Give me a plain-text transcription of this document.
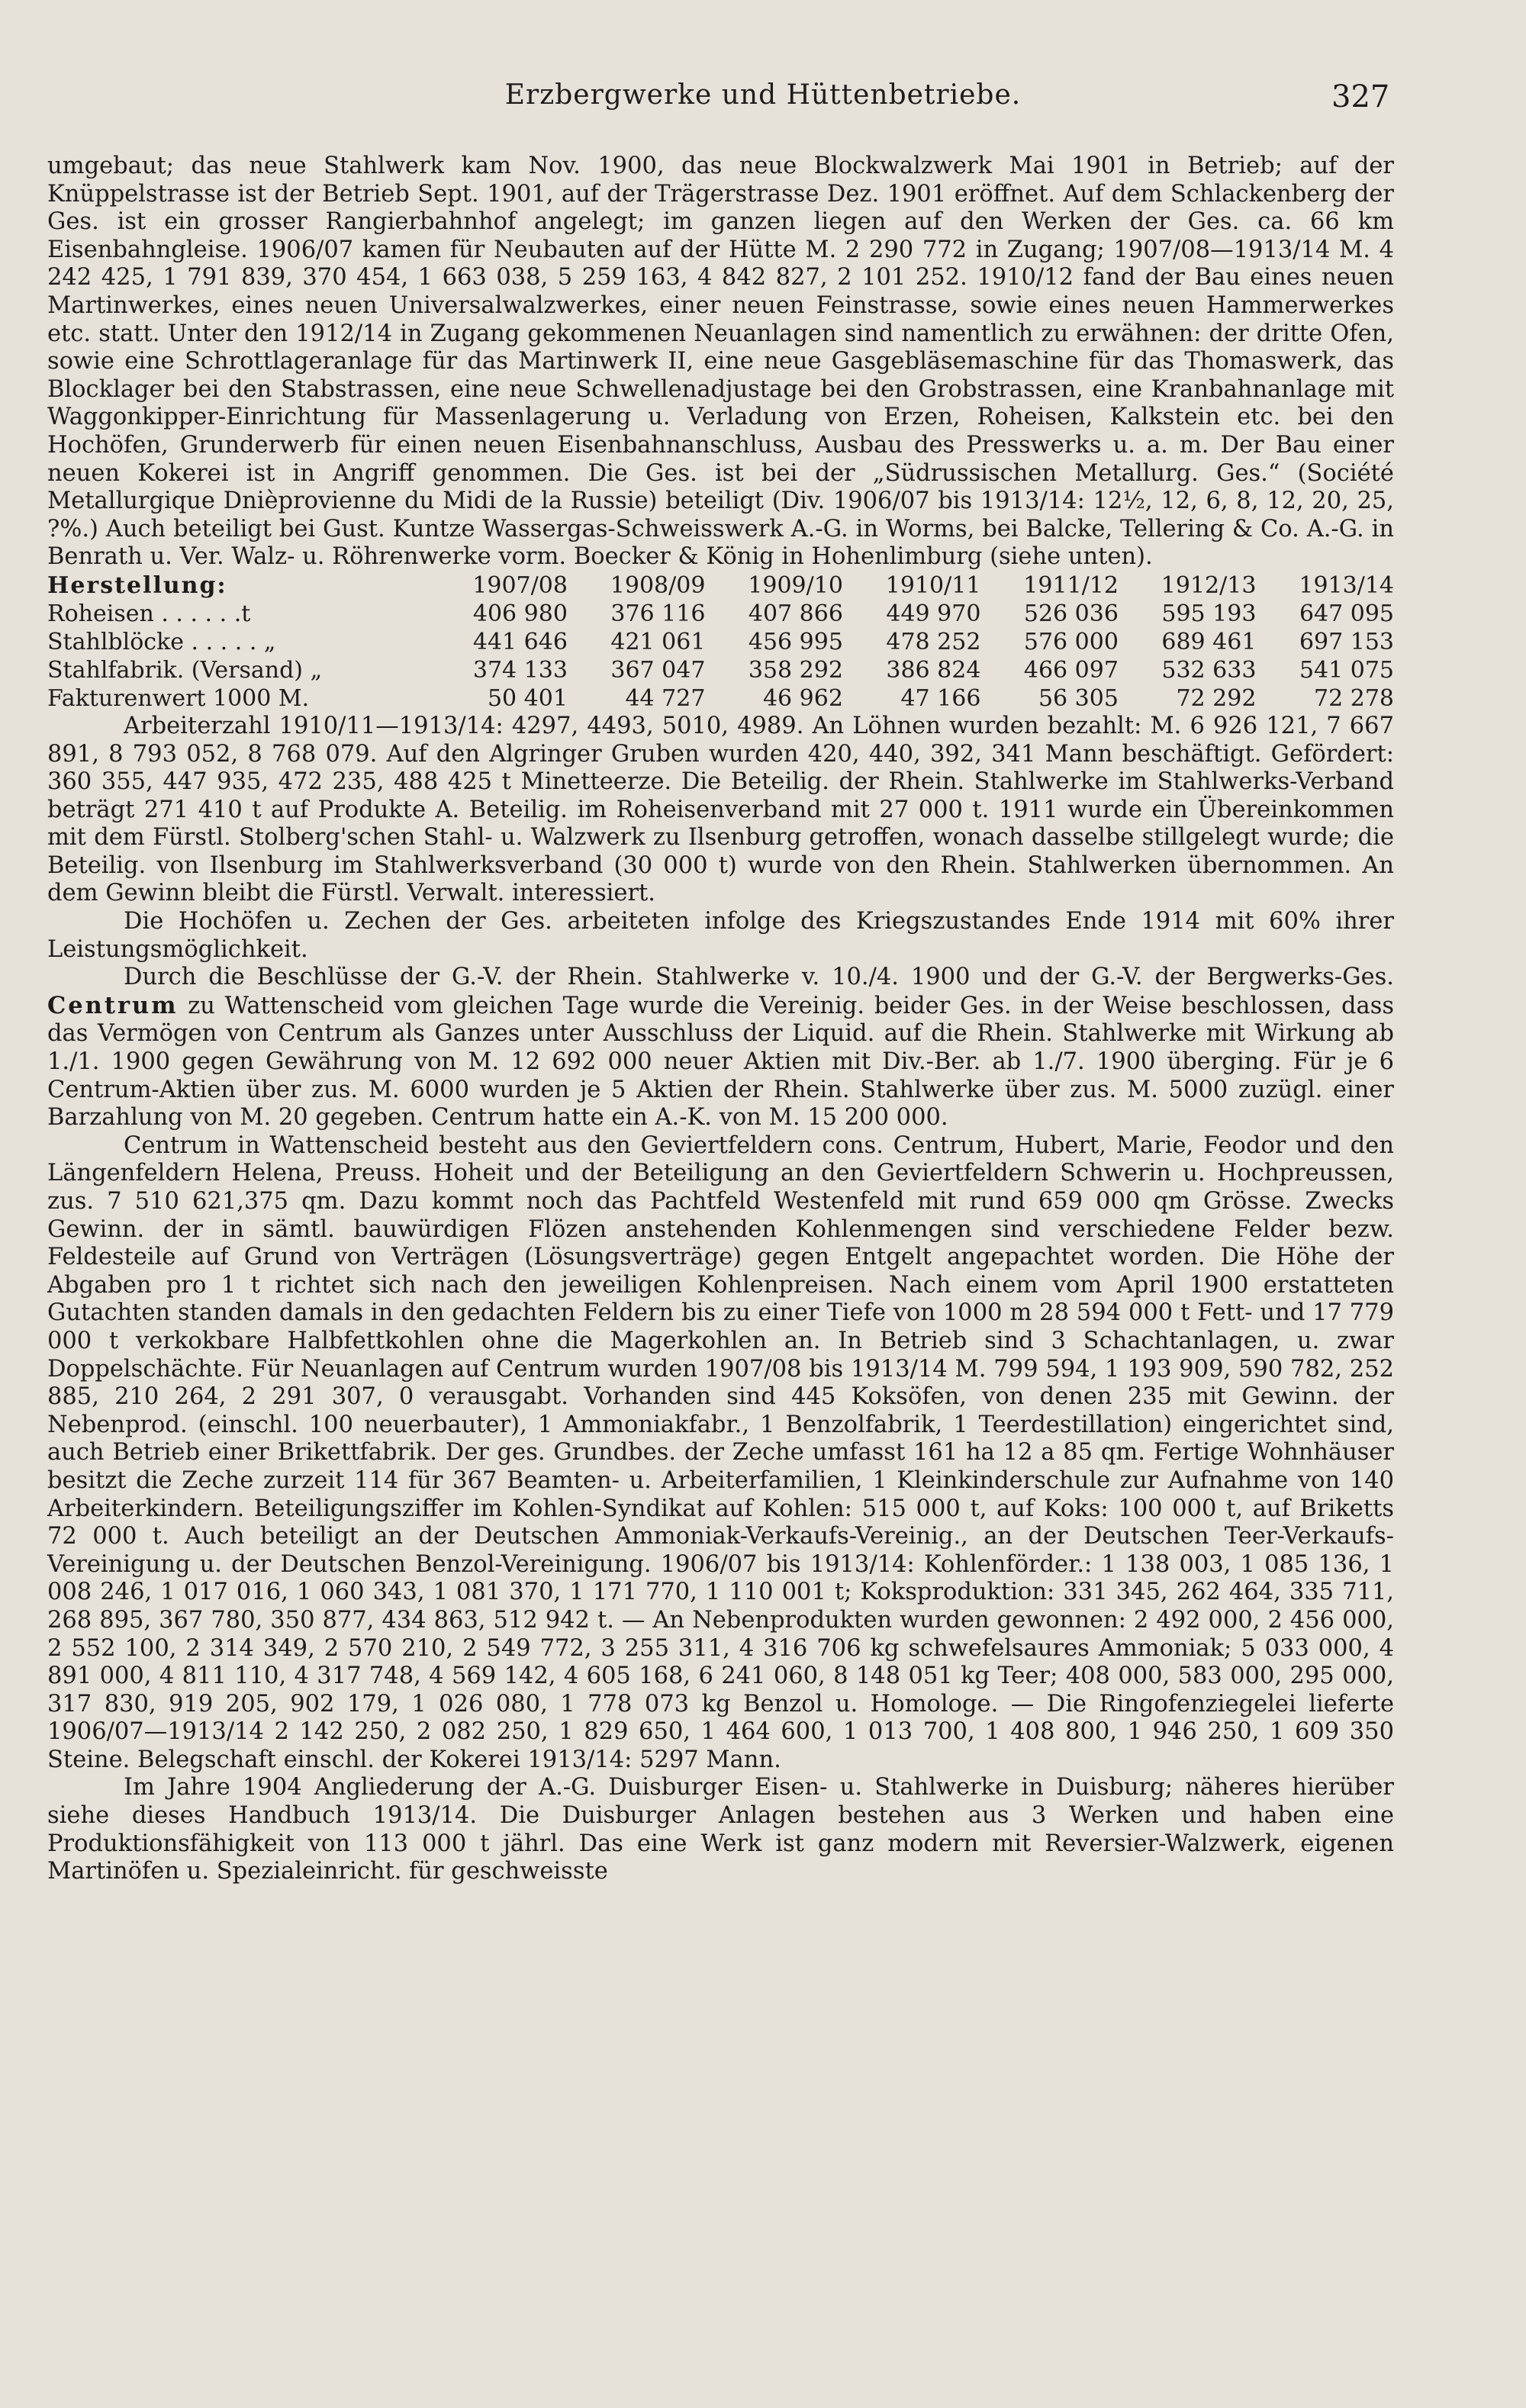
Erzbergwerke und Hüttenbetriebe.	327

umgebaut; das neue Stahlwerk kam Nov. 1900, das neue Blockwalzwerk Mai 1901 in Betrieb; auf der Knüppelstrasse ist der Betrieb Sept. 1901, auf der Trägerstrasse Dez. 1901 eröffnet. Auf dem Schlackenberg der Ges. ist ein grosser Rangierbahnhof angelegt; im ganzen liegen auf den Werken der Ges. ca. 66 km Eisenbahngleise. 1906/07 kamen für Neubauten auf der Hütte M. 2 290 772 in Zugang; 1907/08—1913/14 M. 4 242 425, 1 791 839, 370 454, 1 663 038, 5 259 163, 4 842 827, 2 101 252. 1910/12 fand der Bau eines neuen Martinwerkes, eines neuen Universalwalzwerkes, einer neuen Feinstrasse, sowie eines neuen Hammerwerkes etc. statt. Unter den 1912/14 in Zugang gekommenen Neuanlagen sind namentlich zu erwähnen: der dritte Ofen, sowie eine Schrottlageranlage für das Martinwerk II, eine neue Gasgebläsemaschine für das Thomaswerk, das Blocklager bei den Stabstrassen, eine neue Schwellenadjustage bei den Grobstrassen, eine Kranbahnanlage mit Waggonkipper-Einrichtung für Massenlagerung u. Verladung von Erzen, Roheisen, Kalkstein etc. bei den Hochöfen, Grunderwerb für einen neuen Eisenbahnanschluss, Ausbau des Presswerks u. a. m. Der Bau einer neuen Kokerei ist in Angriff genommen. Die Ges. ist bei der „Südrussischen Metallurg. Ges.“ (Société Metallurgique Dnièprovienne du Midi de la Russie) beteiligt (Div. 1906/07 bis 1913/14: 12½, 12, 6, 8, 12, 20, 25, ?%.) Auch beteiligt bei Gust. Kuntze Wassergas-Schweisswerk A.-G. in Worms, bei Balcke, Tellering & Co. A.-G. in Benrath u. Ver. Walz- u. Röhrenwerke vorm. Boecker & König in Hohenlimburg (siehe unten).

Herstellung:	1907/08	1908/09	1909/10	1910/11	1911/12	1912/13	1913/14
Roheisen . . . . . .t	406 980	376 116	407 866	449 970	526 036	595 193	647 095
Stahlblöcke . . . . . „	441 646	421 061	456 995	478 252	576 000	689 461	697 153
Stahlfabrik. (Versand) „	374 133	367 047	358 292	386 824	466 097	532 633	541 075
Fakturenwert 1000 M.	50 401	44 727	46 962	47 166	56 305	72 292	72 278

Arbeiterzahl 1910/11—1913/14: 4297, 4493, 5010, 4989. An Löhnen wurden bezahlt: M. 6 926 121, 7 667 891, 8 793 052, 8 768 079. Auf den Algringer Gruben wurden 420, 440, 392, 341 Mann beschäftigt. Gefördert: 360 355, 447 935, 472 235, 488 425 t Minetteerze. Die Beteilig. der Rhein. Stahlwerke im Stahlwerks-Verband beträgt 271 410 t auf Produkte A. Beteilig. im Roheisenverband mit 27 000 t. 1911 wurde ein Übereinkommen mit dem Fürstl. Stolberg'schen Stahl- u. Walzwerk zu Ilsenburg getroffen, wonach dasselbe stillgelegt wurde; die Beteilig. von Ilsenburg im Stahlwerksverband (30 000 t) wurde von den Rhein. Stahlwerken übernommen. An dem Gewinn bleibt die Fürstl. Verwalt. interessiert.

Die Hochöfen u. Zechen der Ges. arbeiteten infolge des Kriegszustandes Ende 1914 mit 60% ihrer Leistungsmöglichkeit.

Durch die Beschlüsse der G.-V. der Rhein. Stahlwerke v. 10./4. 1900 und der G.-V. der Bergwerks-Ges. Centrum zu Wattenscheid vom gleichen Tage wurde die Vereinig. beider Ges. in der Weise beschlossen, dass das Vermögen von Centrum als Ganzes unter Ausschluss der Liquid. auf die Rhein. Stahlwerke mit Wirkung ab 1./1. 1900 gegen Gewährung von M. 12 692 000 neuer Aktien mit Div.-Ber. ab 1./7. 1900 überging. Für je 6 Centrum-Aktien über zus. M. 6000 wurden je 5 Aktien der Rhein. Stahlwerke über zus. M. 5000 zuzügl. einer Barzahlung von M. 20 gegeben. Centrum hatte ein A.-K. von M. 15 200 000.

Centrum in Wattenscheid besteht aus den Geviertfeldern cons. Centrum, Hubert, Marie, Feodor und den Längenfeldern Helena, Preuss. Hoheit und der Beteiligung an den Geviertfeldern Schwerin u. Hochpreussen, zus. 7 510 621,375 qm. Dazu kommt noch das Pachtfeld Westenfeld mit rund 659 000 qm Grösse. Zwecks Gewinn. der in sämtl. bauwürdigen Flözen anstehenden Kohlenmengen sind verschiedene Felder bezw. Feldesteile auf Grund von Verträgen (Lösungsverträge) gegen Entgelt angepachtet worden. Die Höhe der Abgaben pro 1 t richtet sich nach den jeweiligen Kohlenpreisen. Nach einem vom April 1900 erstatteten Gutachten standen damals in den gedachten Feldern bis zu einer Tiefe von 1000 m 28 594 000 t Fett- und 17 779 000 t verkokbare Halbfettkohlen ohne die Magerkohlen an. In Betrieb sind 3 Schachtanlagen, u. zwar Doppelschächte. Für Neuanlagen auf Centrum wurden 1907/08 bis 1913/14 M. 799 594, 1 193 909, 590 782, 252 885, 210 264, 2 291 307, 0 verausgabt. Vorhanden sind 445 Koksöfen, von denen 235 mit Gewinn. der Nebenprod. (einschl. 100 neuerbauter), 1 Ammoniakfabr., 1 Benzolfabrik, 1 Teerdestillation) eingerichtet sind, auch Betrieb einer Brikettfabrik. Der ges. Grundbes. der Zeche umfasst 161 ha 12 a 85 qm. Fertige Wohnhäuser besitzt die Zeche zurzeit 114 für 367 Beamten- u. Arbeiterfamilien, 1 Kleinkinderschule zur Aufnahme von 140 Arbeiterkindern. Beteiligungsziffer im Kohlen-Syndikat auf Kohlen: 515 000 t, auf Koks: 100 000 t, auf Briketts 72 000 t. Auch beteiligt an der Deutschen Ammoniak-Verkaufs-Vereinig., an der Deutschen Teer-Verkaufs-Vereinigung u. der Deutschen Benzol-Vereinigung. 1906/07 bis 1913/14: Kohlenförder.: 1 138 003, 1 085 136, 1 008 246, 1 017 016, 1 060 343, 1 081 370, 1 171 770, 1 110 001 t; Koksproduktion: 331 345, 262 464, 335 711, 268 895, 367 780, 350 877, 434 863, 512 942 t. — An Nebenprodukten wurden gewonnen: 2 492 000, 2 456 000, 2 552 100, 2 314 349, 2 570 210, 2 549 772, 3 255 311, 4 316 706 kg schwefelsaures Ammoniak; 5 033 000, 4 891 000, 4 811 110, 4 317 748, 4 569 142, 4 605 168, 6 241 060, 8 148 051 kg Teer; 408 000, 583 000, 295 000, 317 830, 919 205, 902 179, 1 026 080, 1 778 073 kg Benzol u. Homologe. — Die Ringofenziegelei lieferte 1906/07—1913/14 2 142 250, 2 082 250, 1 829 650, 1 464 600, 1 013 700, 1 408 800, 1 946 250, 1 609 350 Steine. Belegschaft einschl. der Kokerei 1913/14: 5297 Mann.

Im Jahre 1904 Angliederung der A.-G. Duisburger Eisen- u. Stahlwerke in Duisburg; näheres hierüber siehe dieses Handbuch 1913/14. Die Duisburger Anlagen bestehen aus 3 Werken und haben eine Produktionsfähigkeit von 113 000 t jährl. Das eine Werk ist ganz modern mit Reversier-Walzwerk, eigenen Martinöfen u. Spezialeinricht. für geschweisste
